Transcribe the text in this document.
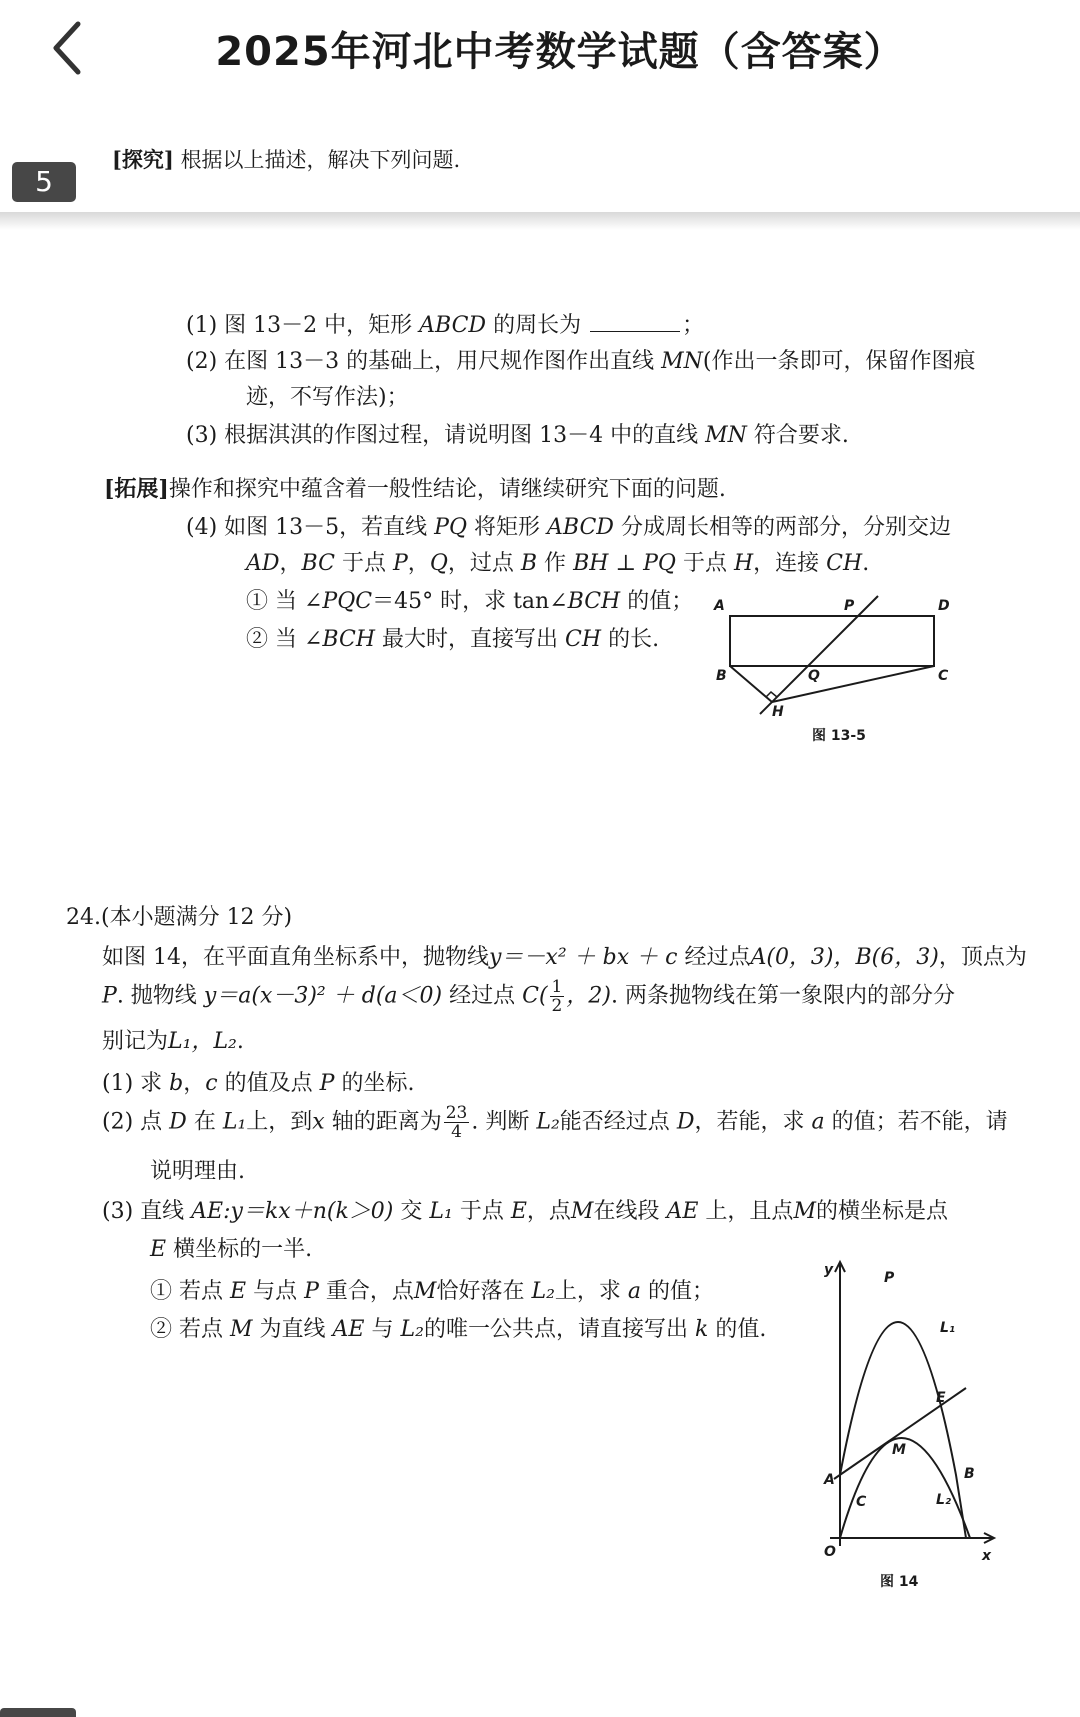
2025年河北中考数学试题（含答案）
5
[探究] 根据以上描述，解决下列问题.
(1) 图 13－2 中，矩形 ABCD 的周长为	；
(2) 在图 13－3 的基础上，用尺规作图作出直线 MN(作出一条即可，保留作图痕
迹，不写作法)；
(3) 根据淇淇的作图过程，请说明图 13－4 中的直线 MN 符合要求.
[拓展]操作和探究中蕴含着一般性结论，请继续研究下面的问题.
(4) 如图 13－5，若直线 PQ 将矩形 ABCD 分成周长相等的两部分，分别交边
AD，BC 于点 P，Q，过点 B 作 BH ⊥ PQ 于点 H，连接 CH.
① 当 ∠PQC＝45° 时，求 tan∠BCH 的值；
② 当 ∠BCH 最大时，直接写出 CH 的长.
A	P	D
B	Q	C
H
图 13-5
24.(本小题满分 12 分)
如图 14，在平面直角坐标系中，抛物线y＝－x² ＋ bx ＋ c 经过点A(0，3)，B(6，3)，顶点为
P. 抛物线 y＝a(x－3)² ＋ d(a＜0) 经过点 $C( \frac{1}{2}$ ，2). 两条抛物线在第一象限内的部分分
别记为L₁，L₂.
(1) 求 b，c 的值及点 P 的坐标.
(2) 点 D 在 L₁上，到x 轴的距离为 $\frac{23}{4}$ . 判断 L₂能否经过点 D，若能，求 a 的值；若不能，请
说明理由.
(3) 直线 AE:y＝kx＋n(k＞0) 交 L₁ 于点 E，点M在线段 AE 上，且点M的横坐标是点
E 横坐标的一半.
① 若点 E 与点 P 重合，点M恰好落在 L₂上，求 a 的值；
② 若点 M 为直线 AE 与 L₂的唯一公共点，请直接写出 k 的值.
y
x
O
P
L₁
E
M
A	B
C	L₂
图 14
